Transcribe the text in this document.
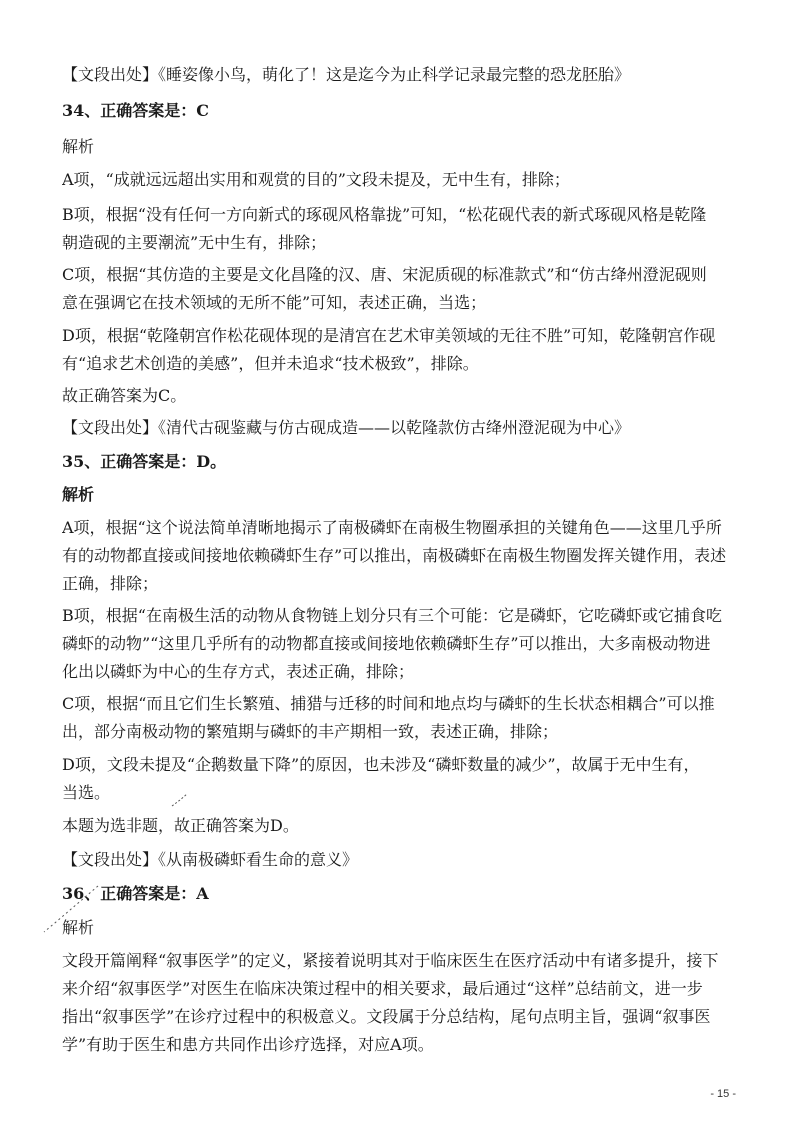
【文段出处】《睡姿像小鸟，萌化了！这是迄今为止科学记录最完整的恐龙胚胎》
34、正确答案是：C
解析
A项，“成就远远超出实用和观赏的目的”文段未提及，无中生有，排除；
B项，根据“没有任何一方向新式的琢砚风格靠拢”可知，“松花砚代表的新式琢砚风格是乾隆
朝造砚的主要潮流”无中生有，排除；
C项，根据“其仿造的主要是文化昌隆的汉、唐、宋泥质砚的标准款式”和“仿古绛州澄泥砚则
意在强调它在技术领域的无所不能”可知，表述正确，当选；
D项，根据“乾隆朝宫作松花砚体现的是清宫在艺术审美领域的无往不胜”可知，乾隆朝宫作砚
有“追求艺术创造的美感”，但并未追求“技术极致”，排除。
故正确答案为C。
【文段出处】《清代古砚鉴藏与仿古砚成造——以乾隆款仿古绛州澄泥砚为中心》
35、正确答案是：D。
解析
A项，根据“这个说法简单清晰地揭示了南极磷虾在南极生物圈承担的关键角色——这里几乎所
有的动物都直接或间接地依赖磷虾生存”可以推出，南极磷虾在南极生物圈发挥关键作用，表述
正确，排除；
B项，根据“在南极生活的动物从食物链上划分只有三个可能：它是磷虾，它吃磷虾或它捕食吃
磷虾的动物”“这里几乎所有的动物都直接或间接地依赖磷虾生存”可以推出，大多南极动物进
化出以磷虾为中心的生存方式，表述正确，排除；
C项，根据“而且它们生长繁殖、捕猎与迁移的时间和地点均与磷虾的生长状态相耦合”可以推
出，部分南极动物的繁殖期与磷虾的丰产期相一致，表述正确，排除；
D项，文段未提及“企鹅数量下降”的原因，也未涉及“磷虾数量的减少”，故属于无中生有，
当选。
本题为选非题，故正确答案为D。
【文段出处】《从南极磷虾看生命的意义》
36、正确答案是：A
解析
文段开篇阐释“叙事医学”的定义，紧接着说明其对于临床医生在医疗活动中有诸多提升，接下
来介绍“叙事医学”对医生在临床决策过程中的相关要求，最后通过“这样”总结前文，进一步
指出“叙事医学”在诊疗过程中的积极意义。文段属于分总结构，尾句点明主旨，强调“叙事医
学”有助于医生和患方共同作出诊疗选择，对应A项。
- 15 -
